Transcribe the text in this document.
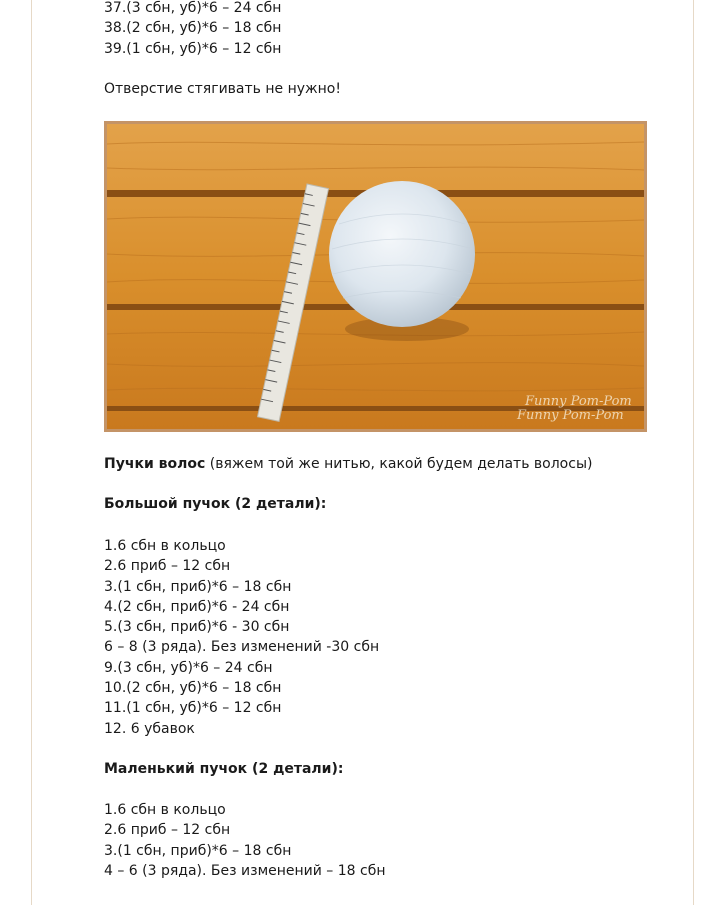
37.(3 сбн, уб)*6 – 24 сбн
38.(2 сбн, уб)*6 – 18 сбн
39.(1 сбн, уб)*6 – 12 сбн
Отверстие стягивать не нужно!
Funny Pom-Pom
Funny Pom-Pom
Пучки волос (вяжем той же нитью, какой будем делать волосы)
Большой пучок (2 детали):
1.6 сбн в кольцо
2.6 приб – 12 сбн
3.(1 сбн, приб)*6 – 18 сбн
4.(2 сбн, приб)*6 - 24 сбн
5.(3 сбн, приб)*6 - 30 сбн
6 – 8 (3 ряда). Без изменений -30 сбн
9.(3 сбн, уб)*6 – 24 сбн
10.(2 сбн, уб)*6 – 18 сбн
11.(1 сбн, уб)*6 – 12 сбн
12. 6 убавок
Маленький пучок (2 детали):
1.6 сбн в кольцо
2.6 приб – 12 сбн
3.(1 сбн, приб)*6 – 18 сбн
4 – 6 (3 ряда). Без изменений – 18 сбн
